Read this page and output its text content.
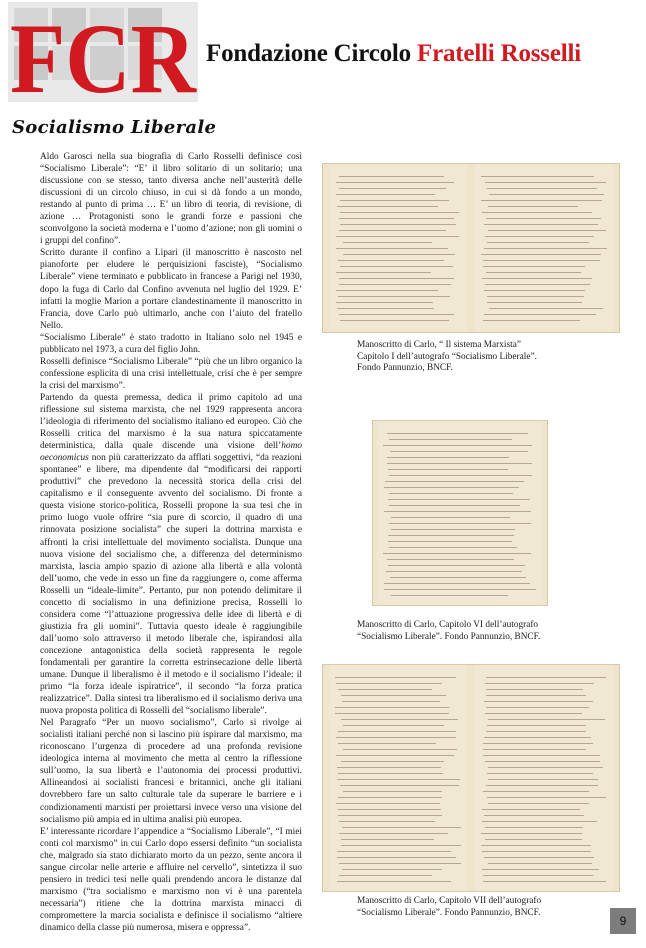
FCR Fondazione Circolo Fratelli Rosselli
Socialismo Liberale

Aldo Garosci nella sua biografia di Carlo Rosselli definisce così “Socialismo Liberale”: “E’ il libro solitario di un solitario; una discussione con se stesso, tanto diversa anche nell’austerità delle discussioni di un circolo chiuso, in cui si dà fondo a un mondo, restando al punto di prima … E’ un libro di teoria, di revisione, di azione … Protagonisti sono le grandi forze e passioni che sconvolgono la società moderna e l’uomo d’azione; non gli uomini o i gruppi del confino”.

Scritto durante il confino a Lipari (il manoscritto è nascosto nel pianoforte per eludere le perquisizioni fasciste), “Socialismo Liberale” viene terminato e pubblicato in francese a Parigi nel 1930, dopo la fuga di Carlo dal Confino avvenuta nel luglio del 1929. E’ infatti la moglie Marion a portare clandestinamente il manoscritto in Francia, dove Carlo può ultimarlo, anche con l’aiuto del fratello Nello.

“Socialismo Liberale” è stato tradotto in Italiano solo nel 1945 e pubblicato nel 1973, a cura del figlio John.

Rosselli definisce “Socialismo Liberale” “più che un libro organico la confessione esplicita di una crisi intellettuale, crisi che è per sempre la crisi del marxismo”.

Partendo da questa premessa, dedica il primo capitolo ad una riflessione sul sistema marxista, che nel 1929 rappresenta ancora l’ideologia di riferimento del socialismo italiano ed europeo. Ciò che Rosselli critica del marxismo è la sua natura spiccatamente deterministica, dalla quale discende una visione dell’homo oeconomicus non più caratterizzato da afflati soggettivi, “da reazioni spontanee” e libere, ma dipendente dal “modificarsi dei rapporti produttivi” che prevedono la necessità storica della crisi del capitalismo e il conseguente avvento del socialismo. Di fronte a questa visione storico-politica, Rosselli propone la sua tesi che in primo luogo vuole offrire “sia pure di scorcio, il quadro di una rinnovata posizione socialista” che superi la dottrina marxista e affronti la crisi intellettuale del movimento socialista. Dunque una nuova visione del socialismo che, a differenza del determinismo marxista, lascia ampio spazio di azione alla libertà e alla volontà dell’uomo, che vede in esso un fine da raggiungere o, come afferma Rosselli un “ideale-limite”. Pertanto, pur non potendo delimitare il concetto di socialismo in una definizione precisa, Rosselli lo considera come “l’attuazione progressiva delle idee di libertà e di giustizia fra gli uomini”. Tuttavia questo ideale è raggiungibile dall’uomo solo attraverso il metodo liberale che, ispirandosi alla concezione antagonistica della società rappresenta le regole fondamentali per garantire la corretta estrinsecazione delle libertà umane. Dunque il liberalismo è il metodo e il socialismo l’ideale: il primo “la forza ideale ispiratrice”, il secondo “la forza pratica realizzatrice”. Dalla sintesi tra liberalismo ed il socialismo deriva una nuova proposta politica di Rosselli del “socialismo liberale”.

Nel Paragrafo “Per un nuovo socialismo”, Carlo si rivolge ai socialisti italiani perché non si lascino più ispirare dal marxismo, ma riconoscano l’urgenza di procedere ad una profonda revisione ideologica interna al movimento che metta al centro la riflessione sull’uomo, la sua libertà e l’autonomia dei processi produttivi. Allineandosi ai socialisti francesi e britannici, anche gli italiani dovrebbero fare un salto culturale tale da superare le barriere e i condizionamenti marxisti per proiettarsi invece verso una visione del socialismo più ampia ed in ultima analisi più europea.

E’ interessante ricordare l’appendice a “Socialismo Liberale”, “I miei conti col marxismo” in cui Carlo dopo essersi definito “un socialista che, malgrado sia stato dichiarato morto da un pezzo, sente ancora il sangue circolar nelle arterie e affluire nel cervello”, sintetizza il suo pensiero in tredici tesi nelle quali prendendo ancora le distanze dal marxismo (“tra socialismo e marxismo non vi è una parentela necessaria”) ritiene che la dottrina marxista minacci di compromettere la marcia socialista e definisce il socialismo “altiere dinamico della classe più numerosa, misera e oppressa”.

Manoscritto di Carlo, “ Il sistema Marxista”
Capitolo I dell’autografo “Socialismo Liberale”.
Fondo Pannunzio, BNCF.
Manoscritto di Carlo, Capitolo VI dell’autografo
“Socialismo Liberale”. Fondo Pannunzio, BNCF.
Manoscritto di Carlo, Capitolo VII dell’autografo
“Socialismo Liberale”. Fondo Pannunzio, BNCF.
9
